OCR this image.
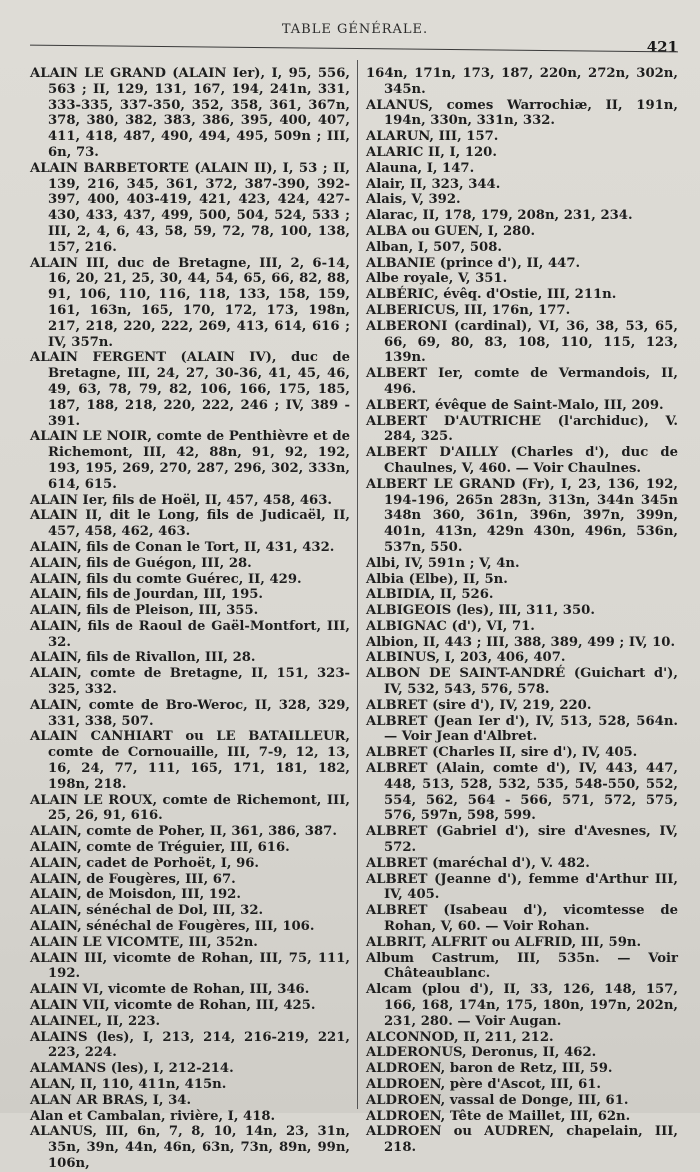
TABLE GÉNÉRALE.
421

ALAIN LE GRAND (ALAIN Ier), I, 95, 556, 563 ; II, 129, 131, 167, 194, 241n, 331, 333-335, 337-350, 352, 358, 361, 367n, 378, 380, 382, 383, 386, 395, 400, 407, 411, 418, 487, 490, 494, 495, 509n ; III, 6n, 73.

ALAIN BARBETORTE (ALAIN II), I, 53 ; II, 139, 216, 345, 361, 372, 387-390, 392-397, 400, 403-419, 421, 423, 424, 427-430, 433, 437, 499, 500, 504, 524, 533 ; III, 2, 4, 6, 43, 58, 59, 72, 78, 100, 138, 157, 216.

ALAIN III, duc de Bretagne, III, 2, 6-14, 16, 20, 21, 25, 30, 44, 54, 65, 66, 82, 88, 91, 106, 110, 116, 118, 133, 158, 159, 161, 163n, 165, 170, 172, 173, 198n, 217, 218, 220, 222, 269, 413, 614, 616 ; IV, 357n.

ALAIN FERGENT (ALAIN IV), duc de Bretagne, III, 24, 27, 30-36, 41, 45, 46, 49, 63, 78, 79, 82, 106, 166, 175, 185, 187, 188, 218, 220, 222, 246 ; IV, 389 - 391.

ALAIN LE NOIR, comte de Penthièvre et de Richemont, III, 42, 88n, 91, 92, 192, 193, 195, 269, 270, 287, 296, 302, 333n, 614, 615.

ALAIN Ier, fils de Hoël, II, 457, 458, 463.

ALAIN II, dit le Long, fils de Judicaël, II, 457, 458, 462, 463.

ALAIN, fils de Conan le Tort, II, 431, 432.

ALAIN, fils de Guégon, III, 28.

ALAIN, fils du comte Guérec, II, 429.

ALAIN, fils de Jourdan, III, 195.

ALAIN, fils de Pleison, III, 355.

ALAIN, fils de Raoul de Gaël-Montfort, III, 32.

ALAIN, fils de Rivallon, III, 28.

ALAIN, comte de Bretagne, II, 151, 323-325, 332.

ALAIN, comte de Bro-Weroc, II, 328, 329, 331, 338, 507.

ALAIN CANHIART ou LE BATAILLEUR, comte de Cornouaille, III, 7-9, 12, 13, 16, 24, 77, 111, 165, 171, 181, 182, 198n, 218.

ALAIN LE ROUX, comte de Richemont, III, 25, 26, 91, 616.

ALAIN, comte de Poher, II, 361, 386, 387.

ALAIN, comte de Tréguier, III, 616.

ALAIN, cadet de Porhoët, I, 96.

ALAIN, de Fougères, III, 67.

ALAIN, de Moisdon, III, 192.

ALAIN, sénéchal de Dol, III, 32.

ALAIN, sénéchal de Fougères, III, 106.

ALAIN LE VICOMTE, III, 352n.

ALAIN III, vicomte de Rohan, III, 75, 111, 192.

ALAIN VI, vicomte de Rohan, III, 346.

ALAIN VII, vicomte de Rohan, III, 425.

ALAINEL, II, 223.

ALAINS (les), I, 213, 214, 216-219, 221, 223, 224.

ALAMANS (les), I, 212-214.

ALAN, II, 110, 411n, 415n.

ALAN AR BRAS, I, 34.

Alan et Cambalan, rivière, I, 418.

ALANUS, III, 6n, 7, 8, 10, 14n, 23, 31n, 35n, 39n, 44n, 46n, 63n, 73n, 89n, 99n, 106n,

164n, 171n, 173, 187, 220n, 272n, 302n, 345n.

ALANUS, comes Warrochiæ, II, 191n, 194n, 330n, 331n, 332.

ALARUN, III, 157.

ALARIC II, I, 120.

Alauna, I, 147.

Alair, II, 323, 344.

Alais, V, 392.

Alarac, II, 178, 179, 208n, 231, 234.

ALBA ou GUEN, I, 280.

Alban, I, 507, 508.

ALBANIE (prince d'), II, 447.

Albe royale, V, 351.

ALBÉRIC, évêq. d'Ostie, III, 211n.

ALBERICUS, III, 176n, 177.

ALBERONI (cardinal), VI, 36, 38, 53, 65, 66, 69, 80, 83, 108, 110, 115, 123, 139n.

ALBERT Ier, comte de Vermandois, II, 496.

ALBERT, évêque de Saint-Malo, III, 209.

ALBERT D'AUTRICHE (l'archiduc), V. 284, 325.

ALBERT D'AILLY (Charles d'), duc de Chaulnes, V, 460. — Voir Chaulnes.

ALBERT LE GRAND (Fr), I, 23, 136, 192, 194-196, 265n 283n, 313n, 344n 345n 348n 360, 361n, 396n, 397n, 399n, 401n, 413n, 429n 430n, 496n, 536n, 537n, 550.

Albi, IV, 591n ; V, 4n.

Albia (Elbe), II, 5n.

ALBIDIA, II, 526.

ALBIGEOIS (les), III, 311, 350.

ALBIGNAC (d'), VI, 71.

Albion, II, 443 ; III, 388, 389, 499 ; IV, 10.

ALBINUS, I, 203, 406, 407.

ALBON DE SAINT-ANDRÉ (Guichart d'), IV, 532, 543, 576, 578.

ALBRET (sire d'), IV, 219, 220.

ALBRET (Jean Ier d'), IV, 513, 528, 564n. — Voir Jean d'Albret.

ALBRET (Charles II, sire d'), IV, 405.

ALBRET (Alain, comte d'), IV, 443, 447, 448, 513, 528, 532, 535, 548-550, 552, 554, 562, 564 - 566, 571, 572, 575, 576, 597n, 598, 599.

ALBRET (Gabriel d'), sire d'Avesnes, IV, 572.

ALBRET (maréchal d'), V. 482.

ALBRET (Jeanne d'), femme d'Arthur III, IV, 405.

ALBRET (Isabeau d'), vicomtesse de Rohan, V, 60. — Voir Rohan.

ALBRIT, ALFRIT ou ALFRID, III, 59n.

Album Castrum, III, 535n. — Voir Châteaublanc.

Alcam (plou d'), II, 33, 126, 148, 157, 166, 168, 174n, 175, 180n, 197n, 202n, 231, 280. — Voir Augan.

ALCONNOD, II, 211, 212.

ALDERONUS, Deronus, II, 462.

ALDROEN, baron de Retz, III, 59.

ALDROEN, père d'Ascot, III, 61.

ALDROEN, vassal de Donge, III, 61.

ALDROEN, Tête de Maillet, III, 62n.

ALDROEN ou AUDREN, chapelain, III, 218.
